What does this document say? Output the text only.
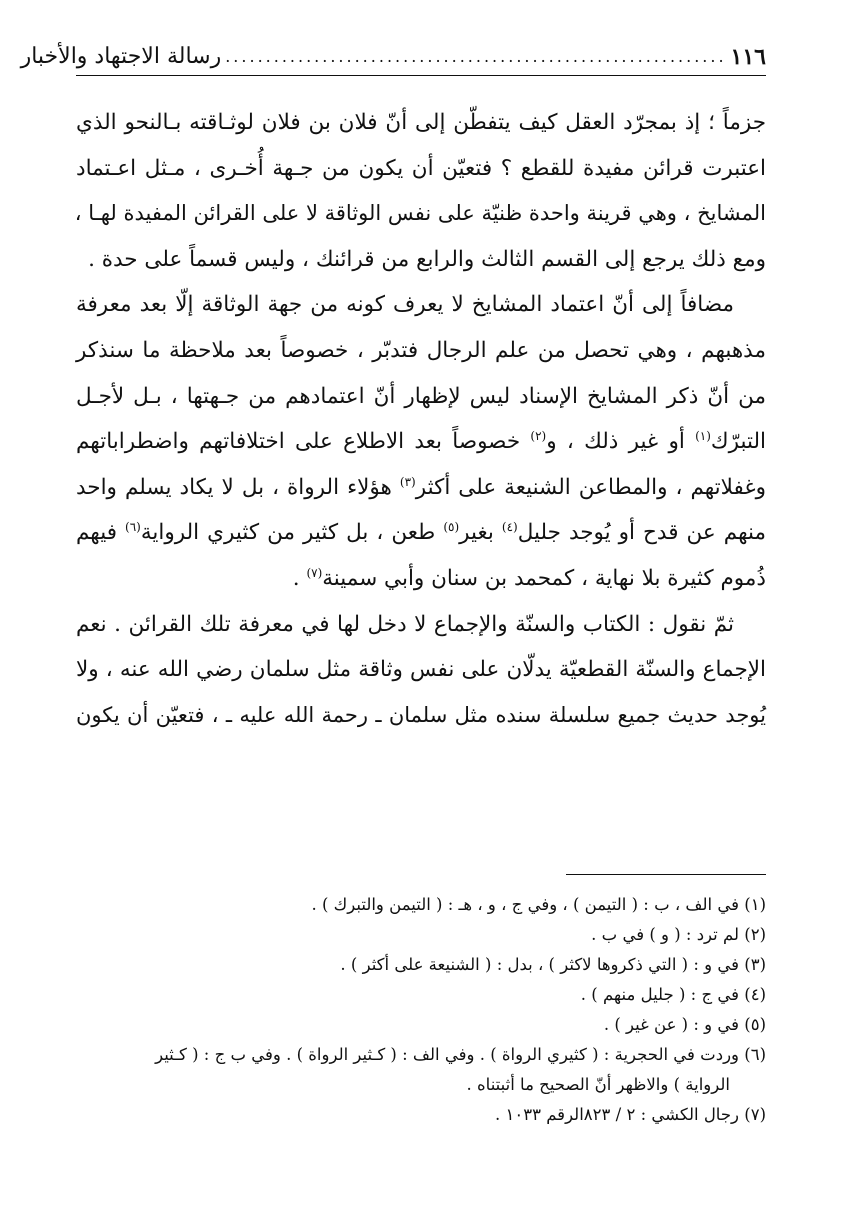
١١٦
..............................................................
رسالة الاجتهاد والأخبار
جزماً ؛ إذ بمجرّد العقل كيف يتفطّن إلى أنّ فلان بن فلان لوثـاقته بـالنحو الذي
اعتبرت قرائن مفيدة للقطع ؟ فتعيّن أن يكون من جـهة أُخـرى ، مـثل اعـتماد
المشايخ ، وهي قرينة واحدة ظنيّة على نفس الوثاقة لا على القرائن المفيدة لهـا ،
ومع ذلك يرجع إلى القسم الثالث والرابع من قرائنك ، وليس قسماً على حدة .
مضافاً إلى أنّ اعتماد المشايخ لا يعرف كونه من جهة الوثاقة إلّا بعد معرفة
مذهبهم ، وهي تحصل من علم الرجال فتدبّر ، خصوصاً بعد ملاحظة ما سنذكر
من أنّ ذكر المشايخ الإسناد ليس لإظهار أنّ اعتمادهم من جـهتها ، بـل لأجـل
التبرّك$^{(١)}$ أو غير ذلك ، و$^{(٢)}$ خصوصاً بعد الاطلاع على اختلافاتهم واضطراباتهم
وغفلاتهم ، والمطاعن الشنيعة على أكثر$^{(٣)}$ هؤلاء الرواة ، بل لا يكاد يسلم واحد
منهم عن قدح أو يُوجد جليل$^{(٤)}$ بغير$^{(٥)}$ طعن ، بل كثير من كثيري الرواية$^{(٦)}$ فيهم
ذُموم كثيرة بلا نهاية ، كمحمد بن سنان وأبي سمينة$^{(٧)}$ .
ثمّ نقول : الكتاب والسنّة والإجماع لا دخل لها في معرفة تلك القرائن . نعم
الإجماع والسنّة القطعيّة يدلّان على نفس وثاقة مثل سلمان رضي الله عنه ، ولا
يُوجد حديث جميع سلسلة سنده مثل سلمان ـ رحمة الله عليه ـ ، فتعيّن أن يكون
(١) في الف ، ب : ( التيمن ) ، وفي ج ، و ، هـ : ( التيمن والتبرك ) .
(٢) لم ترد : ( و ) في ب .
(٣) في و : ( التي ذكروها لاكثر ) ، بدل : ( الشنيعة على أكثر ) .
(٤) في ج : ( جليل منهم ) .
(٥) في و : ( عن غير ) .
(٦) وردت في الحجرية : ( كثيري الرواة ) . وفي الف : ( كـثير الرواة ) . وفي ب ج : ( كـثير
الرواية ) والاظهر أنّ الصحيح ما أثبتناه .
(٧) رجال الكشي : ٢ / ٨٢٣الرقم ١٠٣٣ .
